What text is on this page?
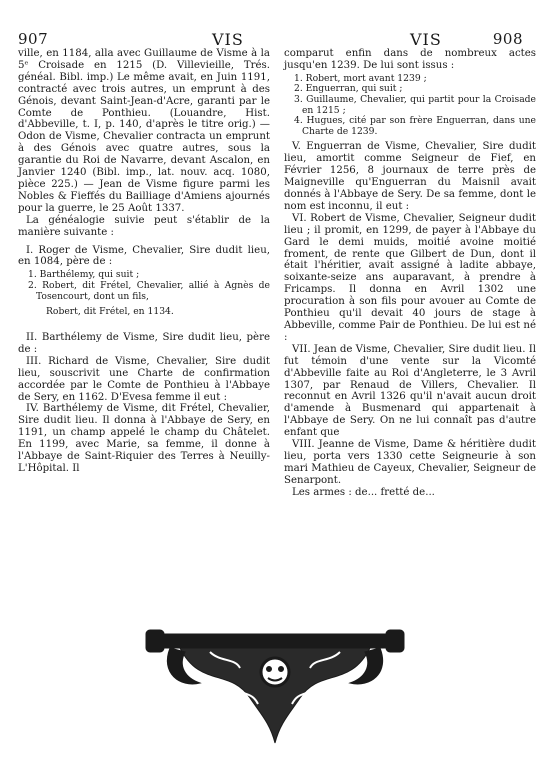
907	VIS	VIS	908

ville, en 1184, alla avec Guillaume de Visme à la 5ᵉ Croisade en 1215 (D. Villevieille, Trés. généal. Bibl. imp.) Le même avait, en Juin 1191, contracté avec trois autres, un emprunt à des Génois, devant Saint-Jean-d'Acre, garanti par le Comte de Ponthieu. (Louandre, Hist. d'Abbeville, t. I, p. 140, d'après le titre orig.) — Odon de Visme, Chevalier contracta un emprunt à des Génois avec quatre autres, sous la garantie du Roi de Navarre, devant Ascalon, en Janvier 1240 (Bibl. imp., lat. nouv. acq. 1080, pièce 225.) — Jean de Visme figure parmi les Nobles & Fieffés du Bailliage d'Amiens ajournés pour la guerre, le 25 Août 1337.

La généalogie suivie peut s'établir de la manière suivante :

I. Roger de Visme, Chevalier, Sire dudit lieu, en 1084, père de :

1. Barthélemy, qui suit ;
2. Robert, dit Frétel, Chevalier, allié à Agnès de Tosencourt, dont un fils,
Robert, dit Frétel, en 1134.

II. Barthélemy de Visme, Sire dudit lieu, père de :

III. Richard de Visme, Chevalier, Sire dudit lieu, souscrivit une Charte de confirmation accordée par le Comte de Ponthieu à l'Abbaye de Sery, en 1162. D'Evesa femme il eut :

IV. Barthélemy de Visme, dit Frétel, Chevalier, Sire dudit lieu. Il donna à l'Abbaye de Sery, en 1191, un champ appelé le champ du Châtelet. En 1199, avec Marie, sa femme, il donne à l'Abbaye de Saint-Riquier des Terres à Neuilly-L'Hôpital. Il

comparut enfin dans de nombreux actes jusqu'en 1239. De lui sont issus :

1. Robert, mort avant 1239 ;
2. Enguerran, qui suit ;
3. Guillaume, Chevalier, qui partit pour la Croisade en 1215 ;
4. Hugues, cité par son frère Enguerran, dans une Charte de 1239.

V. Enguerran de Visme, Chevalier, Sire dudit lieu, amortit comme Seigneur de Fief, en Février 1256, 8 journaux de terre près de Maigneville qu'Enguerran du Maisnil avait donnés à l'Abbaye de Sery. De sa femme, dont le nom est inconnu, il eut :

VI. Robert de Visme, Chevalier, Seigneur dudit lieu ; il promit, en 1299, de payer à l'Abbaye du Gard le demi muids, moitié avoine moitié froment, de rente que Gilbert de Dun, dont il était l'héritier, avait assigné à ladite abbaye, soixante-seize ans auparavant, à prendre à Fricamps. Il donna en Avril 1302 une procuration à son fils pour avouer au Comte de Ponthieu qu'il devait 40 jours de stage à Abbeville, comme Pair de Ponthieu. De lui est né :

VII. Jean de Visme, Chevalier, Sire dudit lieu. Il fut témoin d'une vente sur la Vicomté d'Abbeville faite au Roi d'Angleterre, le 3 Avril 1307, par Renaud de Villers, Chevalier. Il reconnut en Avril 1326 qu'il n'avait aucun droit d'amende à Busmenard qui appartenait à l'Abbaye de Sery. On ne lui connaît pas d'autre enfant que

VIII. Jeanne de Visme, Dame & héritière dudit lieu, porta vers 1330 cette Seigneurie à son mari Mathieu de Cayeux, Chevalier, Seigneur de Senarpont.

Les armes : de... fretté de...
